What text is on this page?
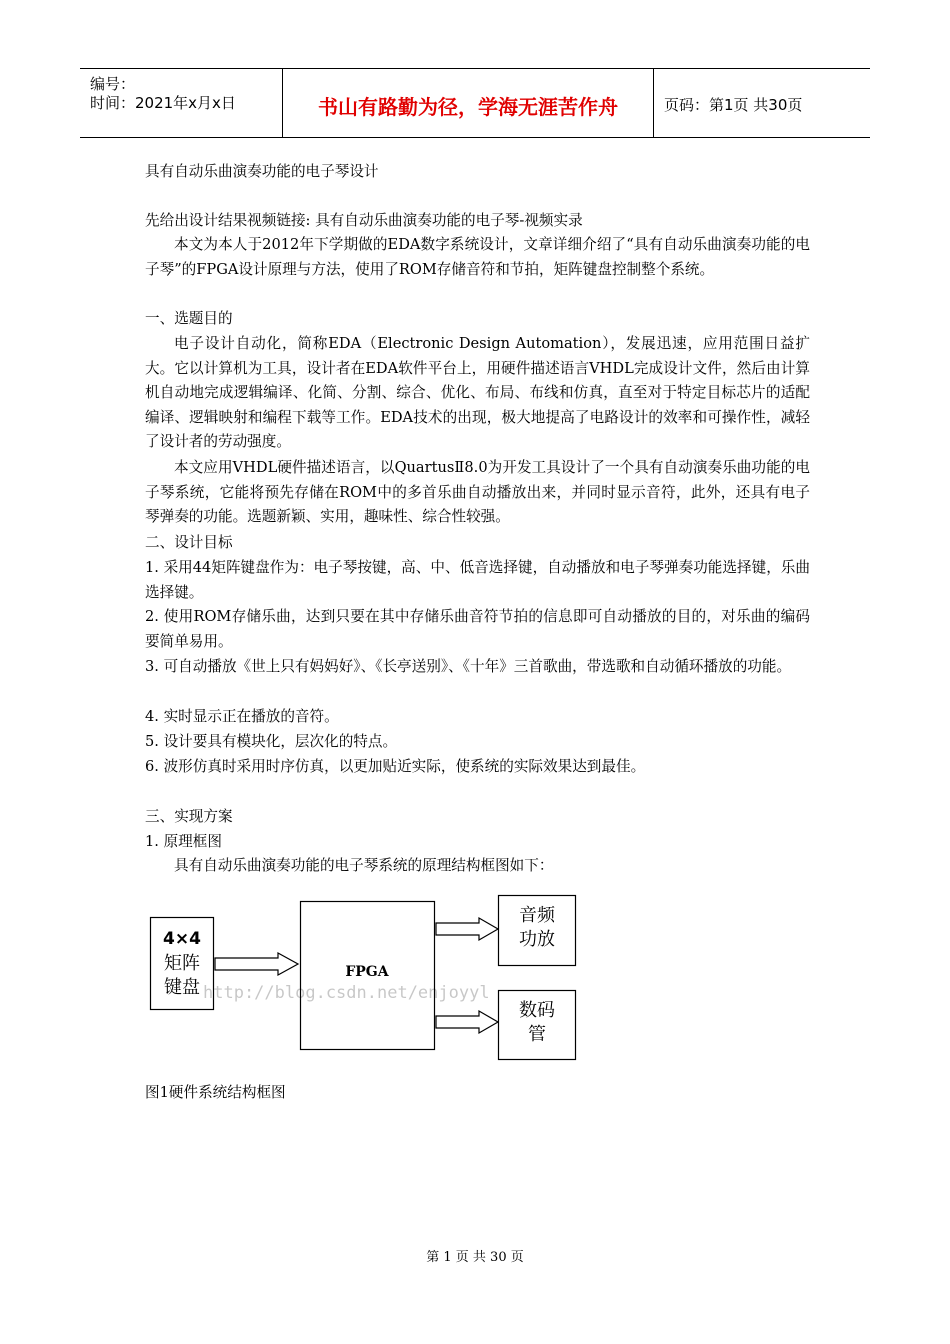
编号：
时间：2021年x月x日	书山有路勤为径，学海无涯苦作舟	页码：第1页 共30页
具有自动乐曲演奏功能的电子琴设计
先给出设计结果视频链接: 具有自动乐曲演奏功能的电子琴-视频实录
本文为本人于2012年下学期做的EDA数字系统设计，文章详细介绍了“具有自动乐曲演奏功能的电子琴”的FPGA设计原理与方法，使用了ROM存储音符和节拍，矩阵键盘控制整个系统。
一、选题目的
电子设计自动化，简称EDA（Electronic Design Automation），发展迅速，应用范围日益扩大。它以计算机为工具，设计者在EDA软件平台上，用硬件描述语言VHDL完成设计文件，然后由计算机自动地完成逻辑编译、化简、分割、综合、优化、布局、布线和仿真，直至对于特定目标芯片的适配编译、逻辑映射和编程下载等工作。EDA技术的出现，极大地提高了电路设计的效率和可操作性，减轻了设计者的劳动强度。
本文应用VHDL硬件描述语言，以QuartusⅡ8.0为开发工具设计了一个具有自动演奏乐曲功能的电子琴系统，它能将预先存储在ROM中的多首乐曲自动播放出来，并同时显示音符，此外，还具有电子琴弹奏的功能。选题新颖、实用，趣味性、综合性较强。
二、设计目标
1. 采用44矩阵键盘作为：电子琴按键，高、中、低音选择键，自动播放和电子琴弹奏功能选择键，乐曲选择键。
2. 使用ROM存储乐曲，达到只要在其中存储乐曲音符节拍的信息即可自动播放的目的，对乐曲的编码要简单易用。
3. 可自动播放《世上只有妈妈好》、《长亭送别》、《十年》三首歌曲，带选歌和自动循环播放的功能。
4. 实时显示正在播放的音符。
5. 设计要具有模块化，层次化的特点。
6. 波形仿真时采用时序仿真，以更加贴近实际，使系统的实际效果达到最佳。
三、实现方案
1. 原理框图
具有自动乐曲演奏功能的电子琴系统的原理结构框图如下：
4×4
矩阵
键盘
FPGA
音频
功放
数码
管
http://blog.csdn.net/enjoyyl
图1硬件系统结构框图
第 1 页 共 30 页
